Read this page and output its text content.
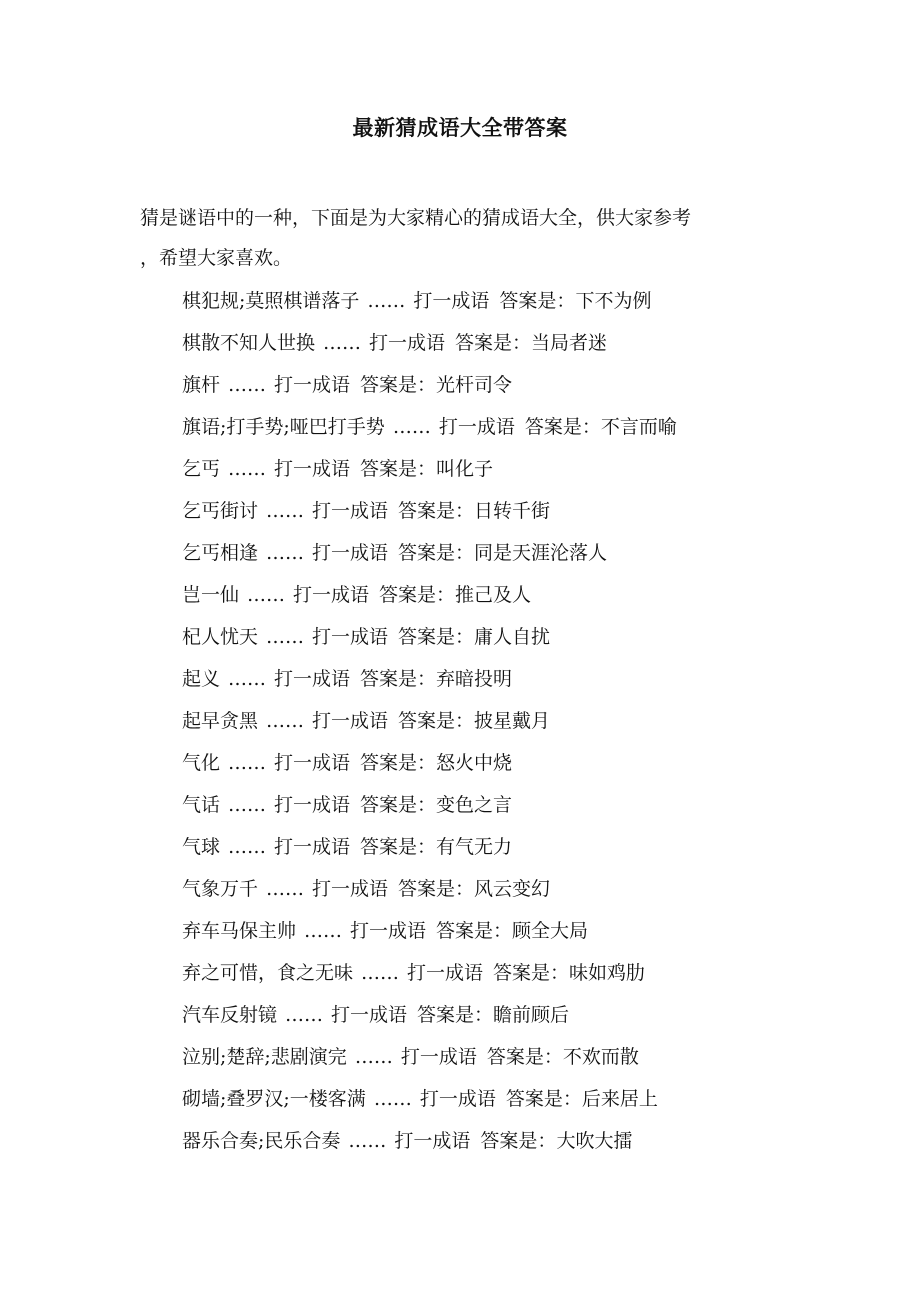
最新猜成语大全带答案

猜是谜语中的一种，下面是为大家精心的猜成语大全，供大家参考

，希望大家喜欢。

棋犯规;莫照棋谱落子 …… 打一成语 答案是：下不为例
棋散不知人世换 …… 打一成语 答案是：当局者迷
旗杆 …… 打一成语 答案是：光杆司令
旗语;打手势;哑巴打手势 …… 打一成语 答案是：不言而喻
乞丐 …… 打一成语 答案是：叫化子
乞丐街讨 …… 打一成语 答案是：日转千街
乞丐相逢 …… 打一成语 答案是：同是天涯沦落人
岂一仙 …… 打一成语 答案是：推己及人
杞人忧天 …… 打一成语 答案是：庸人自扰
起义 …… 打一成语 答案是：弃暗投明
起早贪黑 …… 打一成语 答案是：披星戴月
气化 …… 打一成语 答案是：怒火中烧
气话 …… 打一成语 答案是：变色之言
气球 …… 打一成语 答案是：有气无力
气象万千 …… 打一成语 答案是：风云变幻
弃车马保主帅 …… 打一成语 答案是：顾全大局
弃之可惜，食之无味 …… 打一成语 答案是：味如鸡肋
汽车反射镜 …… 打一成语 答案是：瞻前顾后
泣别;楚辞;悲剧演完 …… 打一成语 答案是：不欢而散
砌墙;叠罗汉;一楼客满 …… 打一成语 答案是：后来居上
器乐合奏;民乐合奏 …… 打一成语 答案是：大吹大擂
